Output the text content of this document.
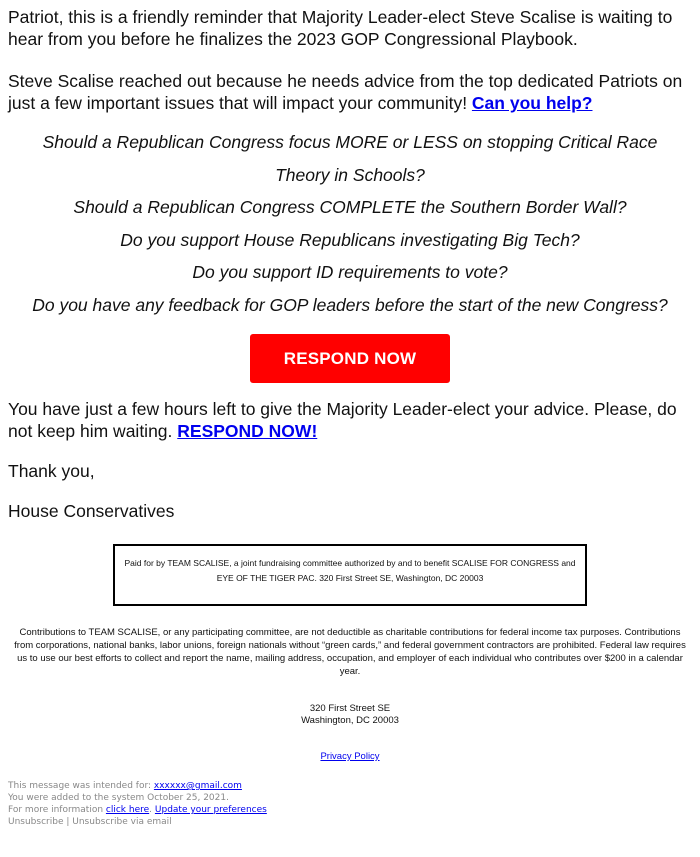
Patriot, this is a friendly reminder that Majority Leader-elect Steve Scalise is waiting to hear from you before he finalizes the 2023 GOP Congressional Playbook.

Steve Scalise reached out because he needs advice from the top dedicated Patriots on just a few important issues that will impact your community! Can you help?

Should a Republican Congress focus MORE or LESS on stopping Critical Race Theory in Schools?
Should a Republican Congress COMPLETE the Southern Border Wall?
Do you support House Republicans investigating Big Tech?
Do you support ID requirements to vote?
Do you have any feedback for GOP leaders before the start of the new Congress?
RESPOND NOW

You have just a few hours left to give the Majority Leader-elect your advice. Please, do not keep him waiting. RESPOND NOW!

Thank you,

House Conservatives

Paid for by TEAM SCALISE, a joint fundraising committee authorized by and to benefit SCALISE FOR CONGRESS and EYE OF THE TIGER PAC. 320 First Street SE, Washington, DC 20003
Contributions to TEAM SCALISE, or any participating committee, are not deductible as charitable contributions for federal income tax purposes. Contributions from corporations, national banks, labor unions, foreign nationals without “green cards,” and federal government contractors are prohibited. Federal law requires us to use our best efforts to collect and report the name, mailing address, occupation, and employer of each individual who contributes over $200 in a calendar year.
320 First Street SE
Washington, DC 20003
Privacy Policy
This message was intended for: xxxxxx@gmail.com
You were added to the system October 25, 2021.
For more information click here. Update your preferences
Unsubscribe | Unsubscribe via email
